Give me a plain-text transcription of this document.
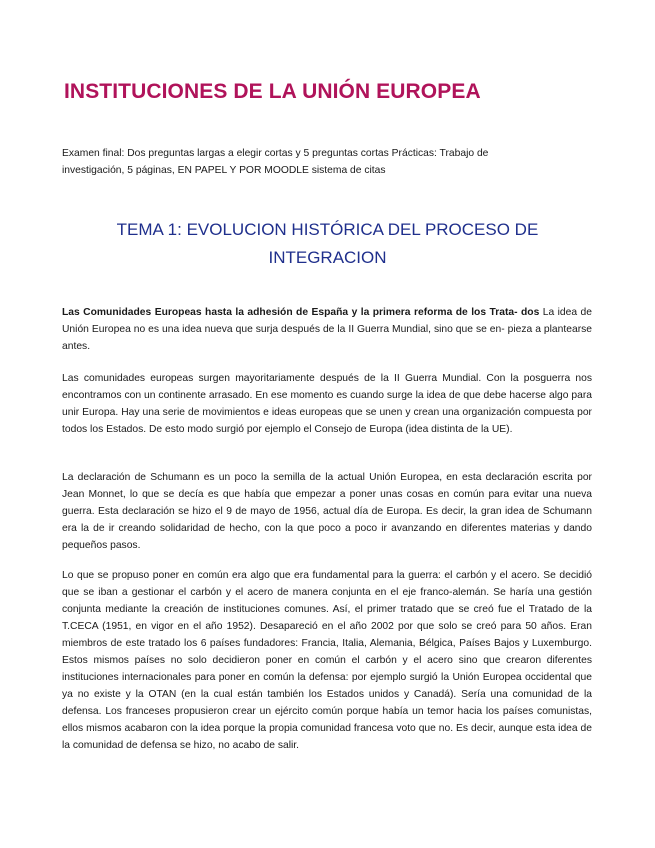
INSTITUCIONES DE LA UNIÓN EUROPEA

Examen final: Dos preguntas largas a elegir cortas y 5 preguntas cortas Prácticas: Trabajo de investigación, 5 páginas, EN PAPEL Y POR MOODLE sistema de citas

TEMA 1: EVOLUCION HISTÓRICA DEL PROCESO DE INTEGRACION

Las Comunidades Europeas hasta la adhesión de España y la primera reforma de los Trata- dos La idea de Unión Europea no es una idea nueva que surja después de la II Guerra Mundial, sino que se en- pieza a plantearse antes.

Las comunidades europeas surgen mayoritariamente después de la II Guerra Mundial. Con la posguerra nos encontramos con un continente arrasado. En ese momento es cuando surge la idea de que debe hacerse algo para unir Europa. Hay una serie de movimientos e ideas europeas que se unen y crean una organización compuesta por todos los Estados. De esto modo surgió por ejemplo el Consejo de Europa (idea distinta de la UE).

La declaración de Schumann es un poco la semilla de la actual Unión Europea, en esta declaración escrita por Jean Monnet, lo que se decía es que había que empezar a poner unas cosas en común para evitar una nueva guerra. Esta declaración se hizo el 9 de mayo de 1956, actual día de Europa. Es decir, la gran idea de Schumann era la de ir creando solidaridad de hecho, con la que poco a poco ir avanzando en diferentes materias y dando pequeños pasos.

Lo que se propuso poner en común era algo que era fundamental para la guerra: el carbón y el acero. Se decidió que se iban a gestionar el carbón y el acero de manera conjunta en el eje franco-alemán. Se haría una gestión conjunta mediante la creación de instituciones comunes. Así, el primer tratado que se creó fue el Tratado de la T.CECA (1951, en vigor en el año 1952). Desapareció en el año 2002 por que solo se creó para 50 años. Eran miembros de este tratado los 6 países fundadores: Francia, Italia, Alemania, Bélgica, Países Bajos y Luxemburgo. Estos mismos países no solo decidieron poner en común el carbón y el acero sino que crearon diferentes instituciones internacionales para poner en común la defensa: por ejemplo surgió la Unión Europea occidental que ya no existe y la OTAN (en la cual están también los Estados unidos y Canadá). Sería una comunidad de la defensa. Los franceses propusieron crear un ejército común porque había un temor hacia los países comunistas, ellos mismos acabaron con la idea porque la propia comunidad francesa voto que no. Es decir, aunque esta idea de la comunidad de defensa se hizo, no acabo de salir.
